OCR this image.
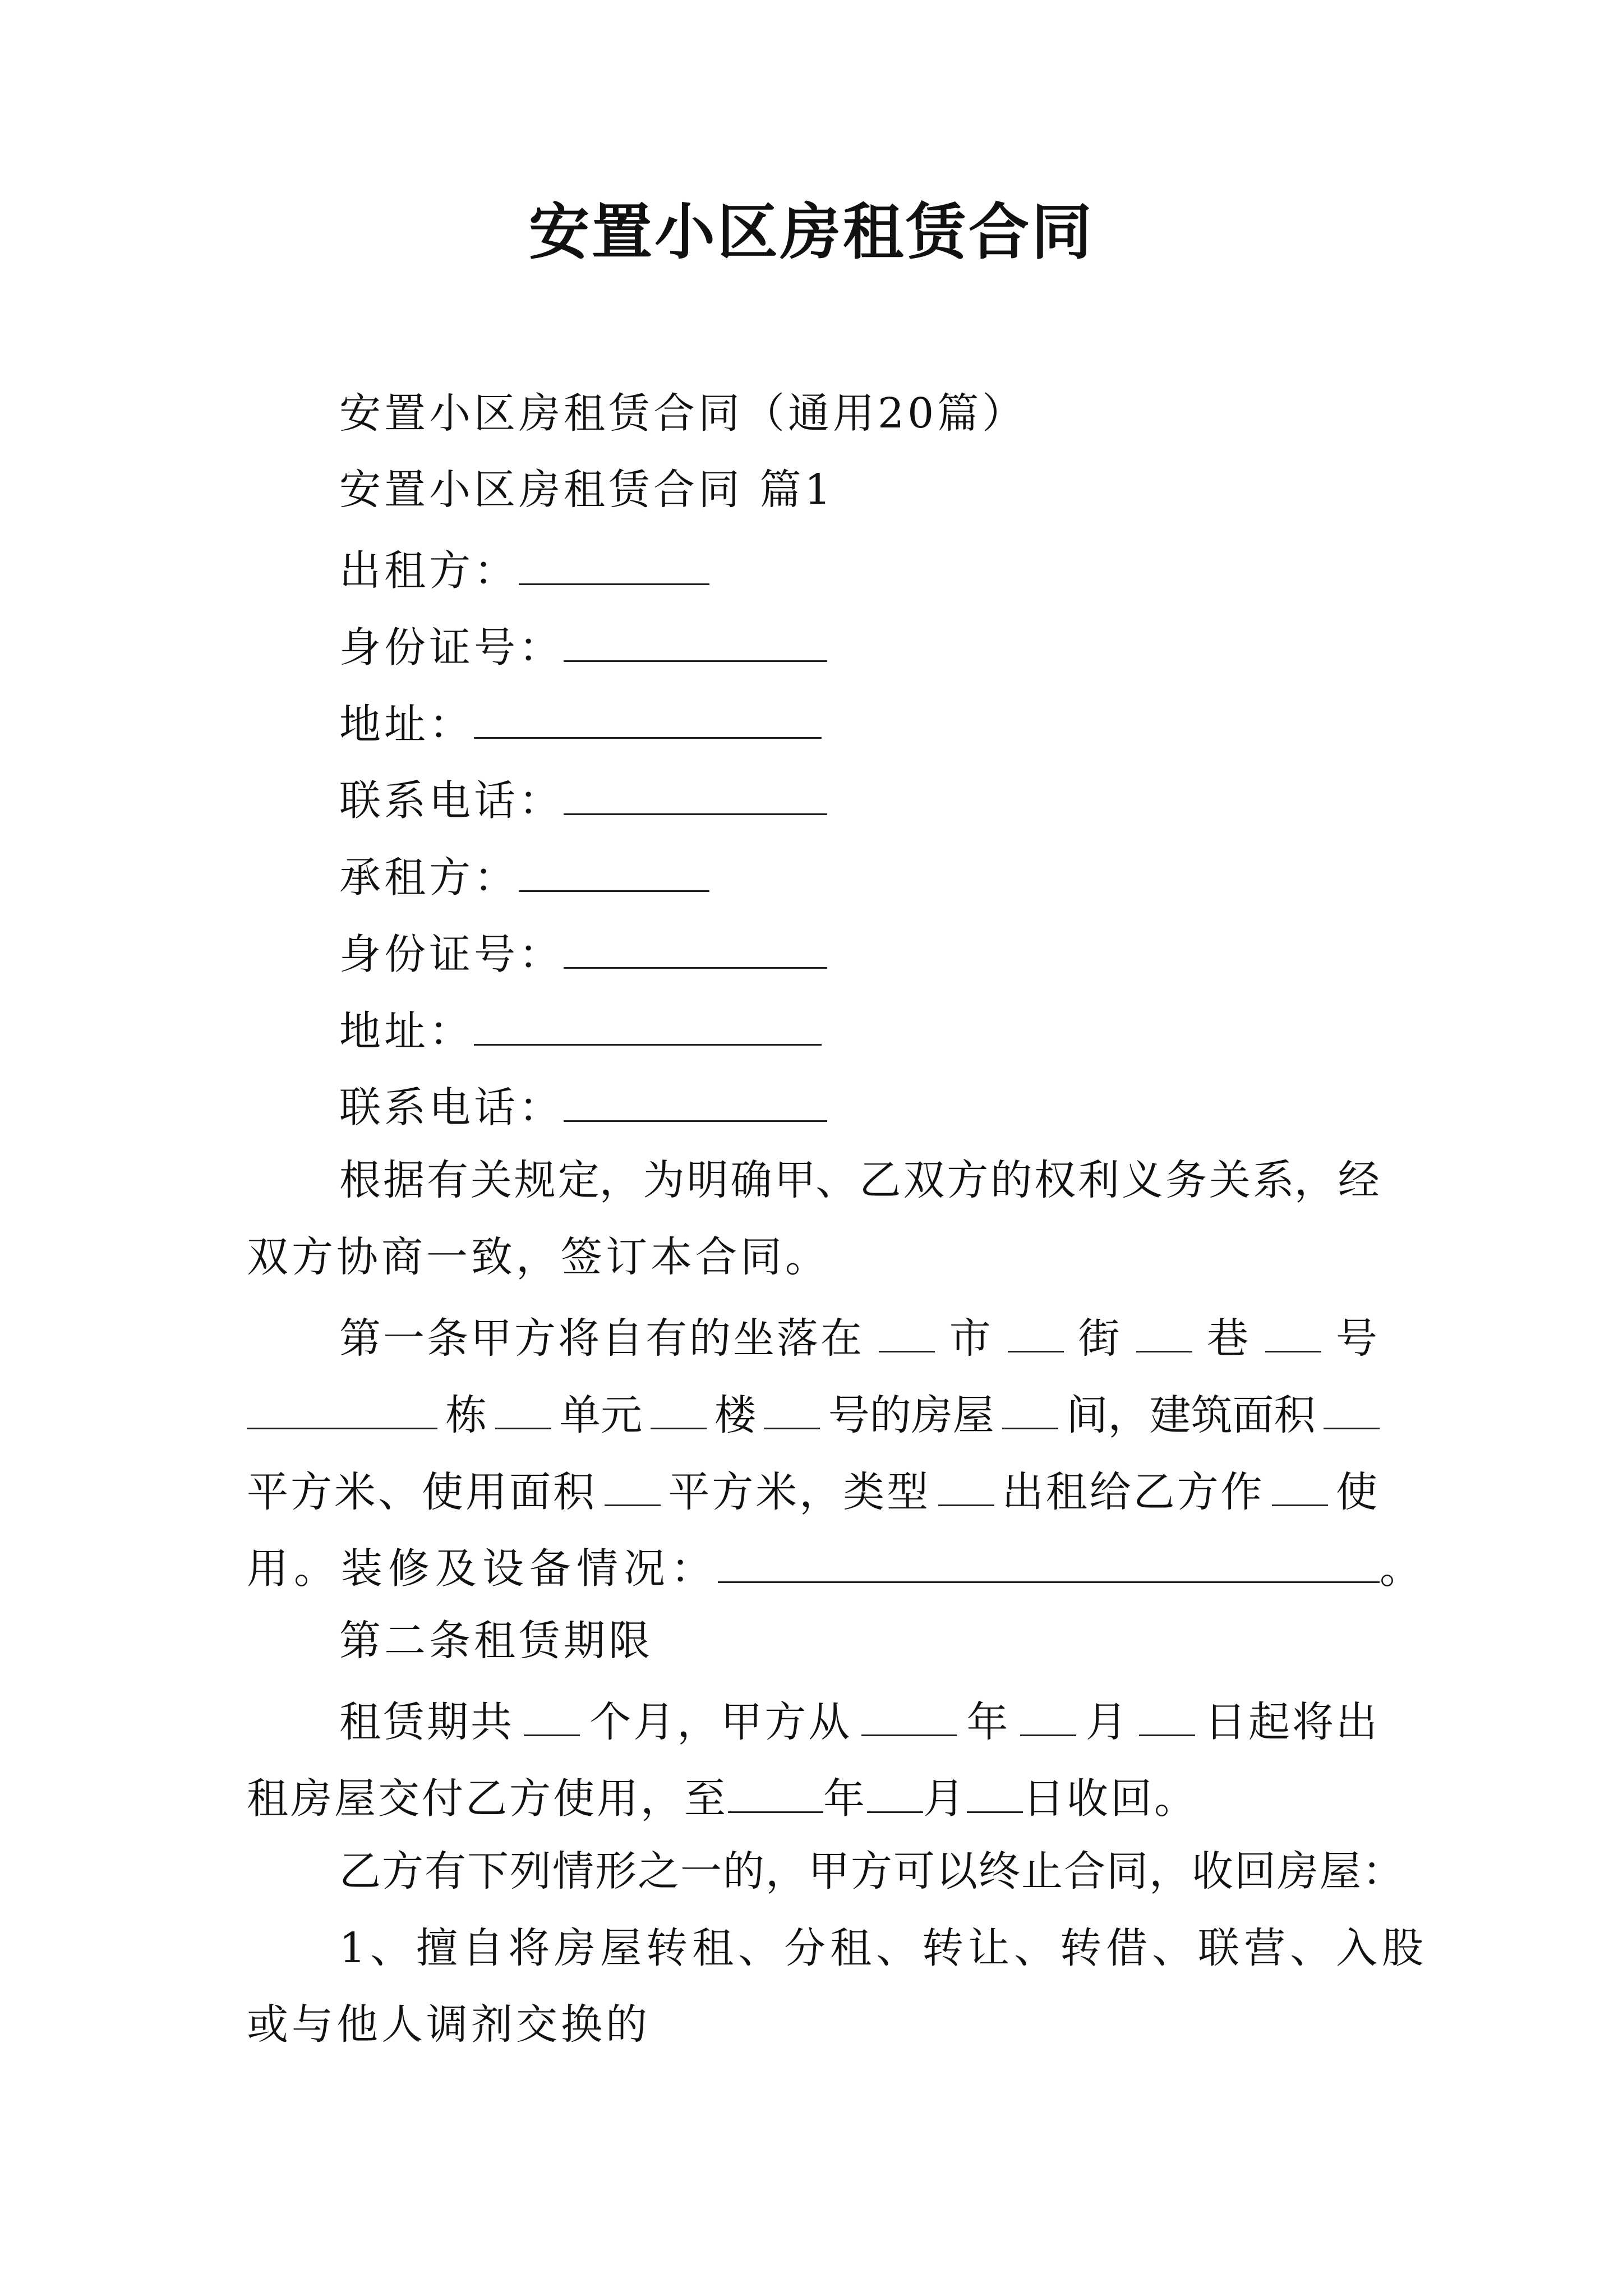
安置小区房租赁合同
安置小区房租赁合同（通用20篇）
安置小区房租赁合同 篇1
出租方：
身份证号：
地址：
联系电话：
承租方：
身份证号：
地址：
联系电话：
根 据 有 关 规 定， 为 明 确 甲、 乙 双 方 的 权 利 义 务 关 系， 经
双方协商一致，签订本合同。
第一条甲方将自有的坐落在 市 街 巷 号
栋 单元 楼 号的房屋 间，建筑面积
平方米、使用面积 平方米，类型 出租给乙方作 使
用。装修及设备情况：	。
第二条租赁期限
租赁期共 个月，甲方从	年 月 日起将出
租房屋交付乙方使用，至 年 月 日收回。
乙方有下列情形之一的，甲方可以终止合同，收回房屋：
1、擅自将房屋转租、分租、转让、转借、联营、入股
或与他人调剂交换的
